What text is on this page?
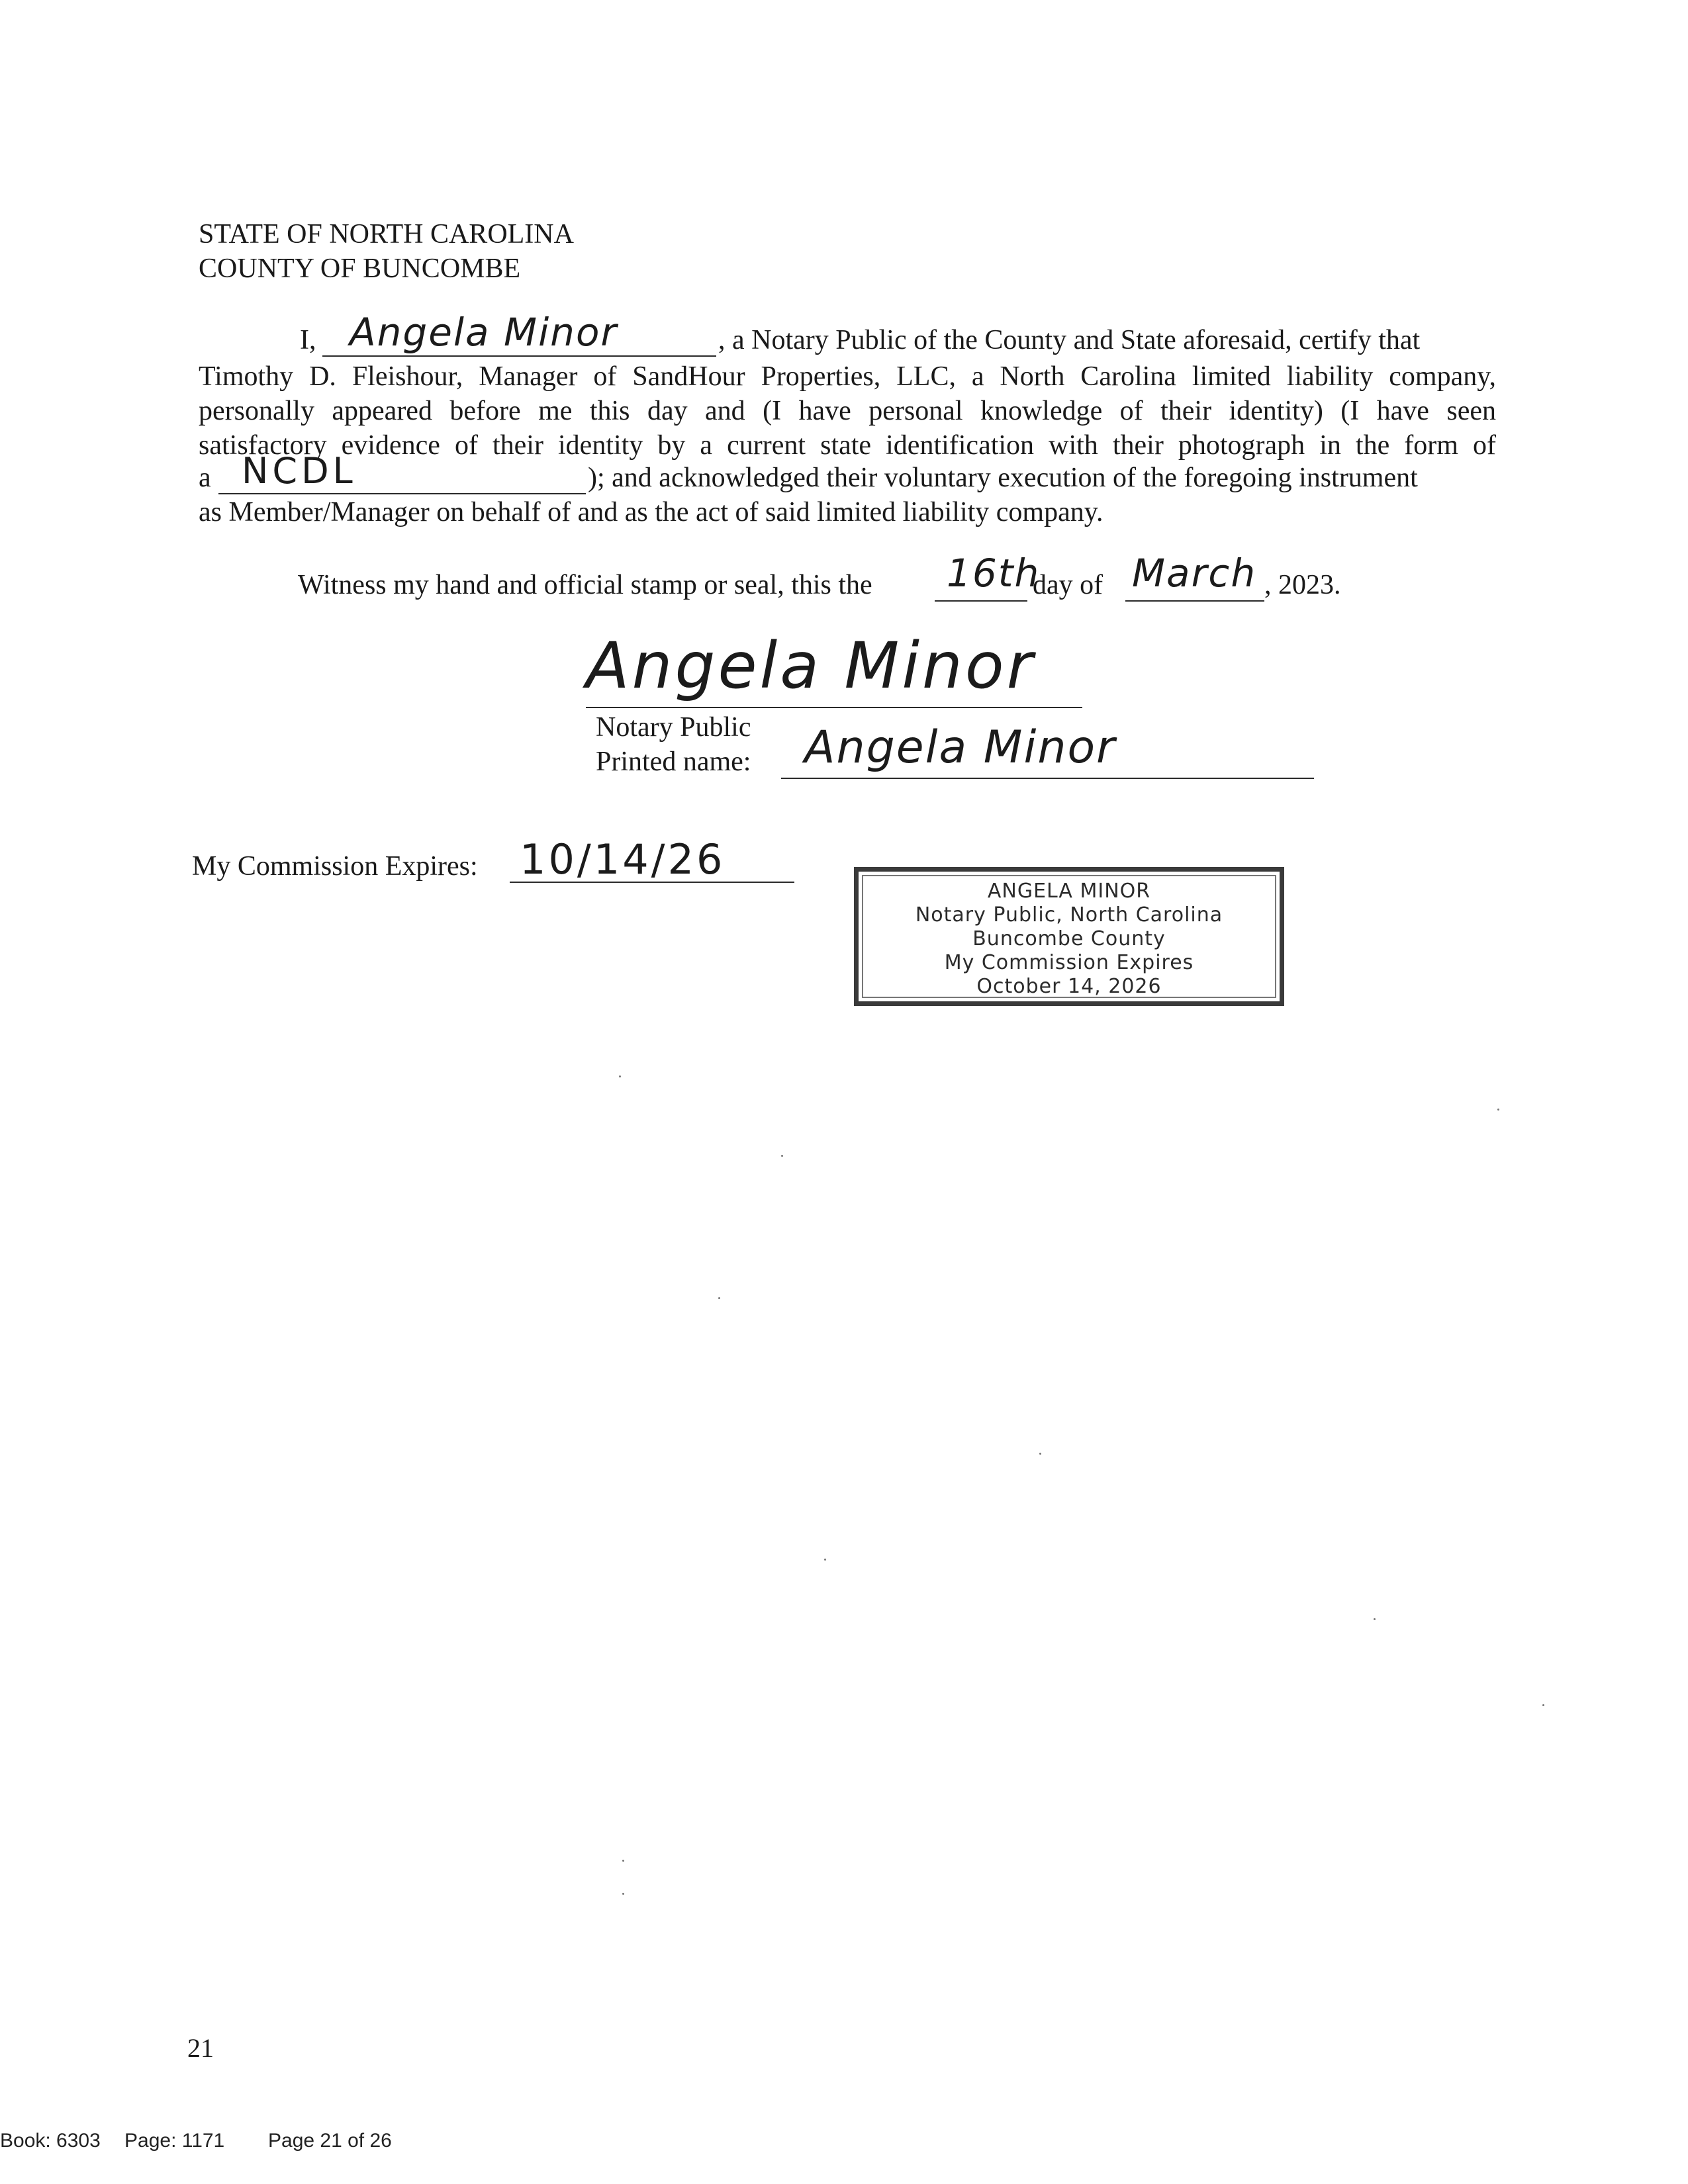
STATE OF NORTH CAROLINA
COUNTY OF BUNCOMBE
I, Angela Minor	, a Notary Public of the County and State aforesaid, certify that
Timothy D. Fleishour, Manager of SandHour Properties, LLC, a North Carolina limited liability company,
personally appeared before me this day and (I have personal knowledge of their identity) (I have seen
satisfactory evidence of their identity by a current state identification with their photograph in the form of
a NCDL	); and acknowledged their voluntary execution of the foregoing instrument
as Member/Manager on behalf of and as the act of said limited liability company.
Witness my hand and official stamp or seal, this the 16th
day of March , 2023.
Angela Minor
Notary Public
Printed name: Angela Minor
My Commission Expires: 10/14/26
ANGELA MINOR
Notary Public, North Carolina
Buncombe County
My Commission Expires
October 14, 2026
21
Book: 6303 Page: 1171 Page 21 of 26
